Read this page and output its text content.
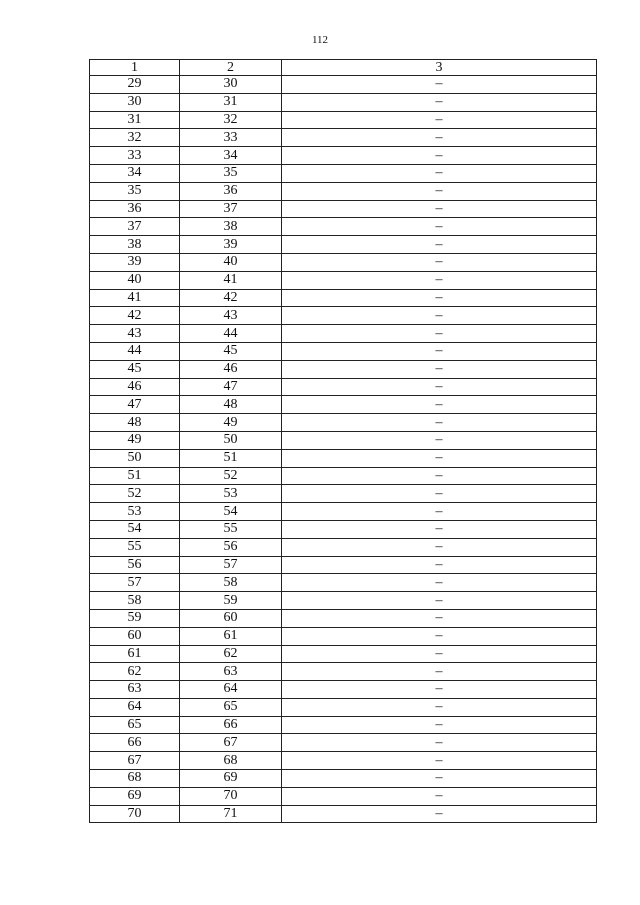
112
1	2	3
29	30	–
30	31	–
31	32	–
32	33	–
33	34	–
34	35	–
35	36	–
36	37	–
37	38	–
38	39	–
39	40	–
40	41	–
41	42	–
42	43	–
43	44	–
44	45	–
45	46	–
46	47	–
47	48	–
48	49	–
49	50	–
50	51	–
51	52	–
52	53	–
53	54	–
54	55	–
55	56	–
56	57	–
57	58	–
58	59	–
59	60	–
60	61	–
61	62	–
62	63	–
63	64	–
64	65	–
65	66	–
66	67	–
67	68	–
68	69	–
69	70	–
70	71	–
